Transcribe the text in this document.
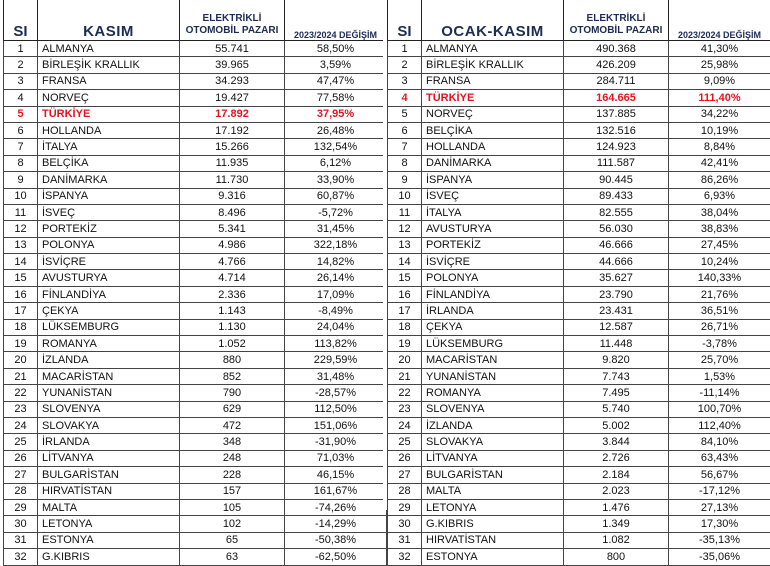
SI	KASIM	ELEKTRİKLİ OTOMOBİL PAZARI	2023/2024 DEĞİŞİM
1	ALMANYA	55.741	58,50%
2	BİRLEŞİK KRALLIK	39.965	3,59%
3	FRANSA	34.293	47,47%
4	NORVEÇ	19.427	77,58%
5	TÜRKİYE	17.892	37,95%
6	HOLLANDA	17.192	26,48%
7	İTALYA	15.266	132,54%
8	BELÇİKA	11.935	6,12%
9	DANİMARKA	11.730	33,90%
10	İSPANYA	9.316	60,87%
11	İSVEÇ	8.496	-5,72%
12	PORTEKİZ	5.341	31,45%
13	POLONYA	4.986	322,18%
14	İSVİÇRE	4.766	14,82%
15	AVUSTURYA	4.714	26,14%
16	FİNLANDİYA	2.336	17,09%
17	ÇEKYA	1.143	-8,49%
18	LÜKSEMBURG	1.130	24,04%
19	ROMANYA	1.052	113,82%
20	İZLANDA	880	229,59%
21	MACARİSTAN	852	31,48%
22	YUNANİSTAN	790	-28,57%
23	SLOVENYA	629	112,50%
24	SLOVAKYA	472	151,06%
25	İRLANDA	348	-31,90%
26	LİTVANYA	248	71,03%
27	BULGARİSTAN	228	46,15%
28	HIRVATİSTAN	157	161,67%
29	MALTA	105	-74,26%
30	LETONYA	102	-14,29%
31	ESTONYA	65	-50,38%
32	G.KIBRIS	63	-62,50%
SI	OCAK-KASIM	ELEKTRİKLİ OTOMOBİL PAZARI	2023/2024 DEĞİŞİM
1	ALMANYA	490.368	41,30%
2	BİRLEŞİK KRALLIK	426.209	25,98%
3	FRANSA	284.711	9,09%
4	TÜRKİYE	164.665	111,40%
5	NORVEÇ	137.885	34,22%
6	BELÇİKA	132.516	10,19%
7	HOLLANDA	124.923	8,84%
8	DANİMARKA	111.587	42,41%
9	İSPANYA	90.445	86,26%
10	İSVEÇ	89.433	6,93%
11	İTALYA	82.555	38,04%
12	AVUSTURYA	56.030	38,83%
13	PORTEKİZ	46.666	27,45%
14	İSVİÇRE	44.666	10,24%
15	POLONYA	35.627	140,33%
16	FİNLANDİYA	23.790	21,76%
17	İRLANDA	23.431	36,51%
18	ÇEKYA	12.587	26,71%
19	LÜKSEMBURG	11.448	-3,78%
20	MACARİSTAN	9.820	25,70%
21	YUNANİSTAN	7.743	1,53%
22	ROMANYA	7.495	-11,14%
23	SLOVENYA	5.740	100,70%
24	İZLANDA	5.002	112,40%
25	SLOVAKYA	3.844	84,10%
26	LİTVANYA	2.726	63,43%
27	BULGARİSTAN	2.184	56,67%
28	MALTA	2.023	-17,12%
29	LETONYA	1.476	27,13%
30	G.KIBRIS	1.349	17,30%
31	HIRVATİSTAN	1.082	-35,13%
32	ESTONYA	800	-35,06%
